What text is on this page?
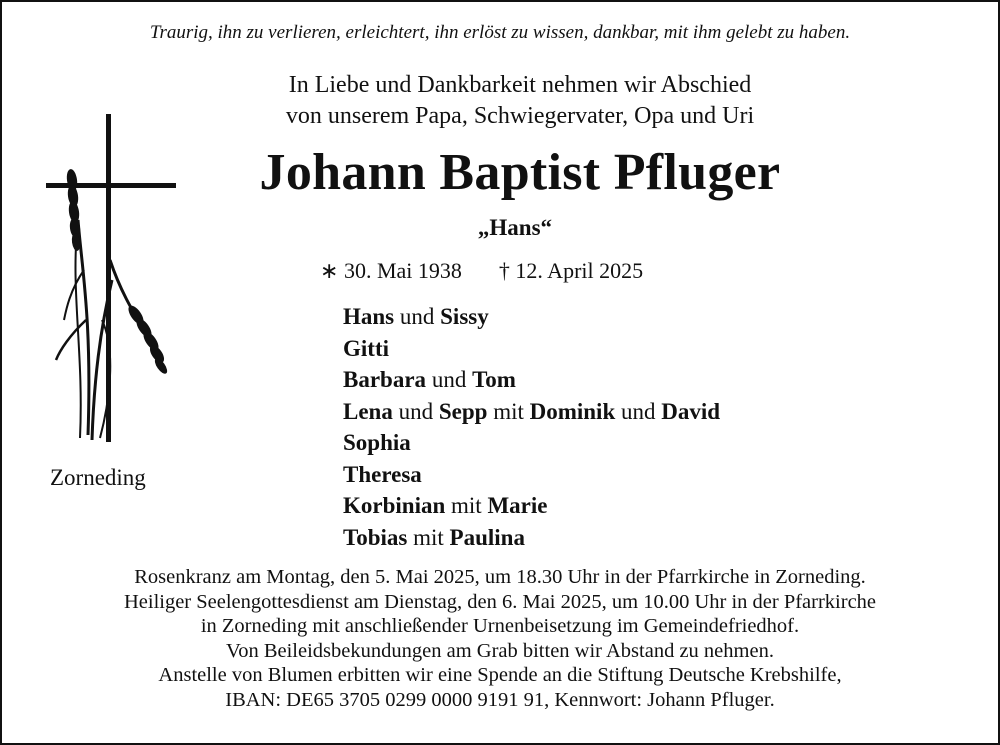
Traurig, ihn zu verlieren, erleichtert, ihn erlöst zu wissen, dankbar, mit ihm gelebt zu haben.
In Liebe und Dankbarkeit nehmen wir Abschied
von unserem Papa, Schwiegervater, Opa und Uri
Johann Baptist Pfluger
„Hans“
∗ 30. Mai 1938 † 12. April 2025
Zorneding
Hans und Sissy
Gitti
Barbara und Tom
Lena und Sepp mit Dominik und David
Sophia
Theresa
Korbinian mit Marie
Tobias mit Paulina
Rosenkranz am Montag, den 5. Mai 2025, um 18.30 Uhr in der Pfarrkirche in Zorneding.
Heiliger Seelengottesdienst am Dienstag, den 6. Mai 2025, um 10.00 Uhr in der Pfarrkirche
in Zorneding mit anschließender Urnenbeisetzung im Gemeindefriedhof.
Von Beileidsbekundungen am Grab bitten wir Abstand zu nehmen.
Anstelle von Blumen erbitten wir eine Spende an die Stiftung Deutsche Krebshilfe,
IBAN: DE65 3705 0299 0000 9191 91, Kennwort: Johann Pfluger.
